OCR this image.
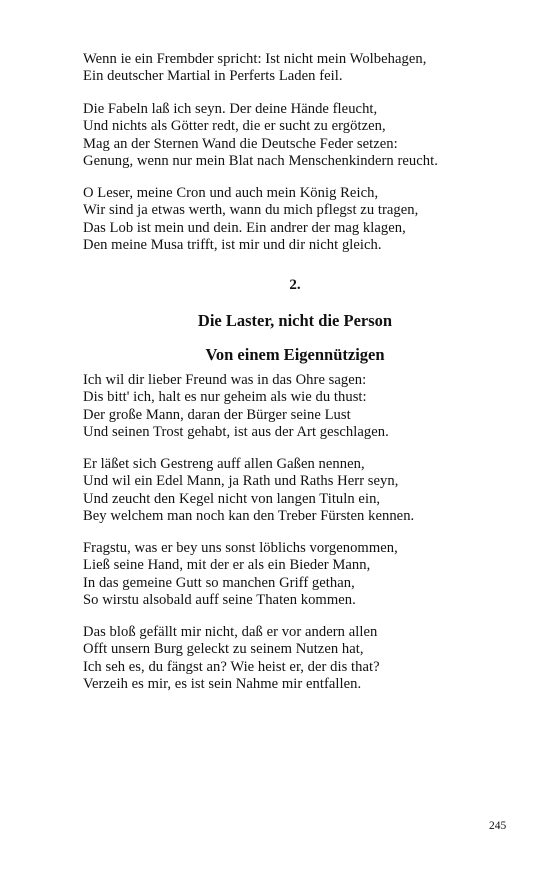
Wenn ie ein Frembder spricht: Ist nicht mein Wolbehagen,
Ein deutscher Martial in Perferts Laden feil.
Die Fabeln laß ich seyn. Der deine Hände fleucht,
Und nichts als Götter redt, die er sucht zu ergötzen,
Mag an der Sternen Wand die Deutsche Feder setzen:
Genung, wenn nur mein Blat nach Menschenkindern reucht.
O Leser, meine Cron und auch mein König Reich,
Wir sind ja etwas werth, wann du mich pflegst zu tragen,
Das Lob ist mein und dein. Ein andrer der mag klagen,
Den meine Musa trifft, ist mir und dir nicht gleich.
2.
Die Laster, nicht die Person
Von einem Eigennützigen
Ich wil dir lieber Freund was in das Ohre sagen:
Dis bitt' ich, halt es nur geheim als wie du thust:
Der große Mann, daran der Bürger seine Lust
Und seinen Trost gehabt, ist aus der Art geschlagen.
Er läßet sich Gestreng auff allen Gaßen nennen,
Und wil ein Edel Mann, ja Rath und Raths Herr seyn,
Und zeucht den Kegel nicht von langen Tituln ein,
Bey welchem man noch kan den Treber Fürsten kennen.
Fragstu, was er bey uns sonst löblichs vorgenommen,
Ließ seine Hand, mit der er als ein Bieder Mann,
In das gemeine Gutt so manchen Griff gethan,
So wirstu alsobald auff seine Thaten kommen.
Das bloß gefällt mir nicht, daß er vor andern allen
Offt unsern Burg geleckt zu seinem Nutzen hat,
Ich seh es, du fängst an? Wie heist er, der dis that?
Verzeih es mir, es ist sein Nahme mir entfallen.
245
